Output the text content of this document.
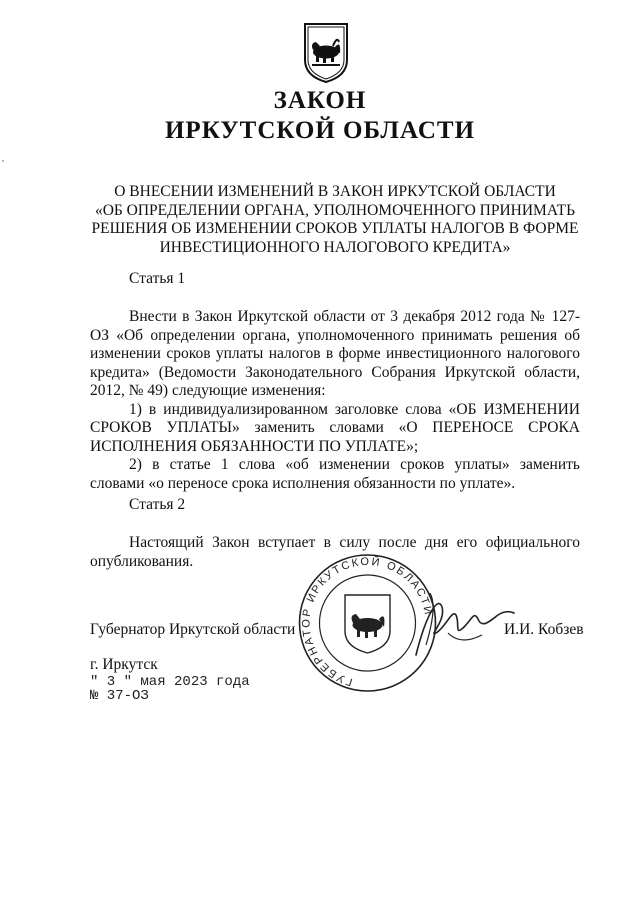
ЗАКОН
ИРКУТСКОЙ ОБЛАСТИ
О ВНЕСЕНИИ ИЗМЕНЕНИЙ В ЗАКОН ИРКУТСКОЙ ОБЛАСТИ
«ОБ ОПРЕДЕЛЕНИИ ОРГАНА, УПОЛНОМОЧЕННОГО ПРИНИМАТЬ
РЕШЕНИЯ ОБ ИЗМЕНЕНИИ СРОКОВ УПЛАТЫ НАЛОГОВ В ФОРМЕ
ИНВЕСТИЦИОННОГО НАЛОГОВОГО КРЕДИТА»
Статья 1

Внести в Закон Иркутской области от 3 декабря 2012 года № 127-ОЗ «Об определении органа, уполномоченного принимать решения об изменении сроков уплаты налогов в форме инвестиционного налогового кредита» (Ведомости Законодательного Собрания Иркутской области, 2012, № 49) следующие изменения:

1) в индивидуализированном заголовке слова «ОБ ИЗМЕНЕНИИ СРОКОВ УПЛАТЫ» заменить словами «О ПЕРЕНОСЕ СРОКА ИСПОЛНЕНИЯ ОБЯЗАННОСТИ ПО УПЛАТЕ»;

2) в статье 1 слова «об изменении сроков уплаты» заменить словами «о переносе срока исполнения обязанности по уплате».

Статья 2

Настоящий Закон вступает в силу после дня его официального опубликования.

ГУБЕРНАТОР ИРКУТСКОЙ ОБЛАСТИ
Губернатор Иркутской области	И.И. Кобзев
г. Иркутск
" 3 " мая 2023 года
№ 37-ОЗ
